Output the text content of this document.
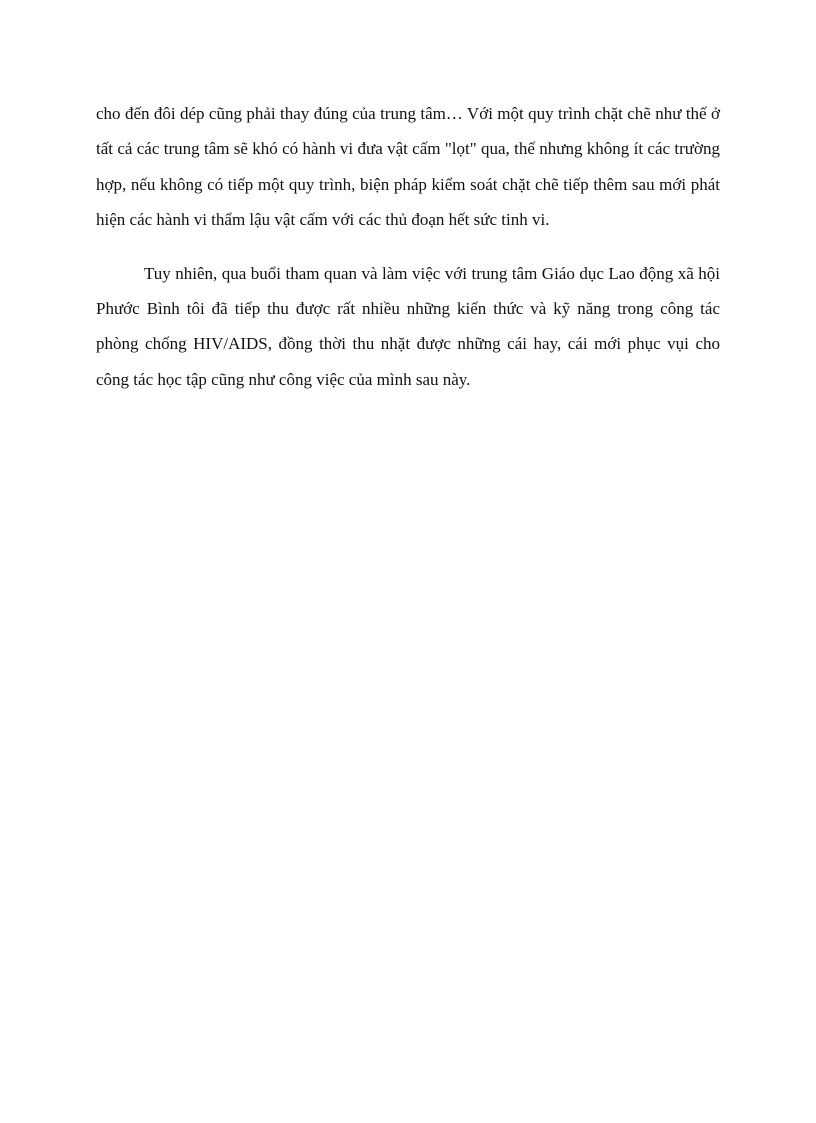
cho đến đôi dép cũng phải thay đúng của trung tâm… Với một quy trình chặt chẽ như thế ở tất cả các trung tâm sẽ khó có hành vi đưa vật cấm "lọt" qua, thế nhưng không ít các trường hợp, nếu không có tiếp một quy trình, biện pháp kiểm soát chặt chẽ tiếp thêm sau mới phát hiện các hành vi thẩm lậu vật cấm với các thủ đoạn hết sức tinh vi.

Tuy nhiên, qua buổi tham quan và làm việc với trung tâm Giáo dục Lao động xã hội Phước Bình tôi đã tiếp thu được rất nhiều những kiến thức và kỹ năng trong công tác phòng chống HIV/AIDS, đồng thời thu nhặt được những cái hay, cái mới phục vụi cho công tác học tập cũng như công việc của mình sau này.
